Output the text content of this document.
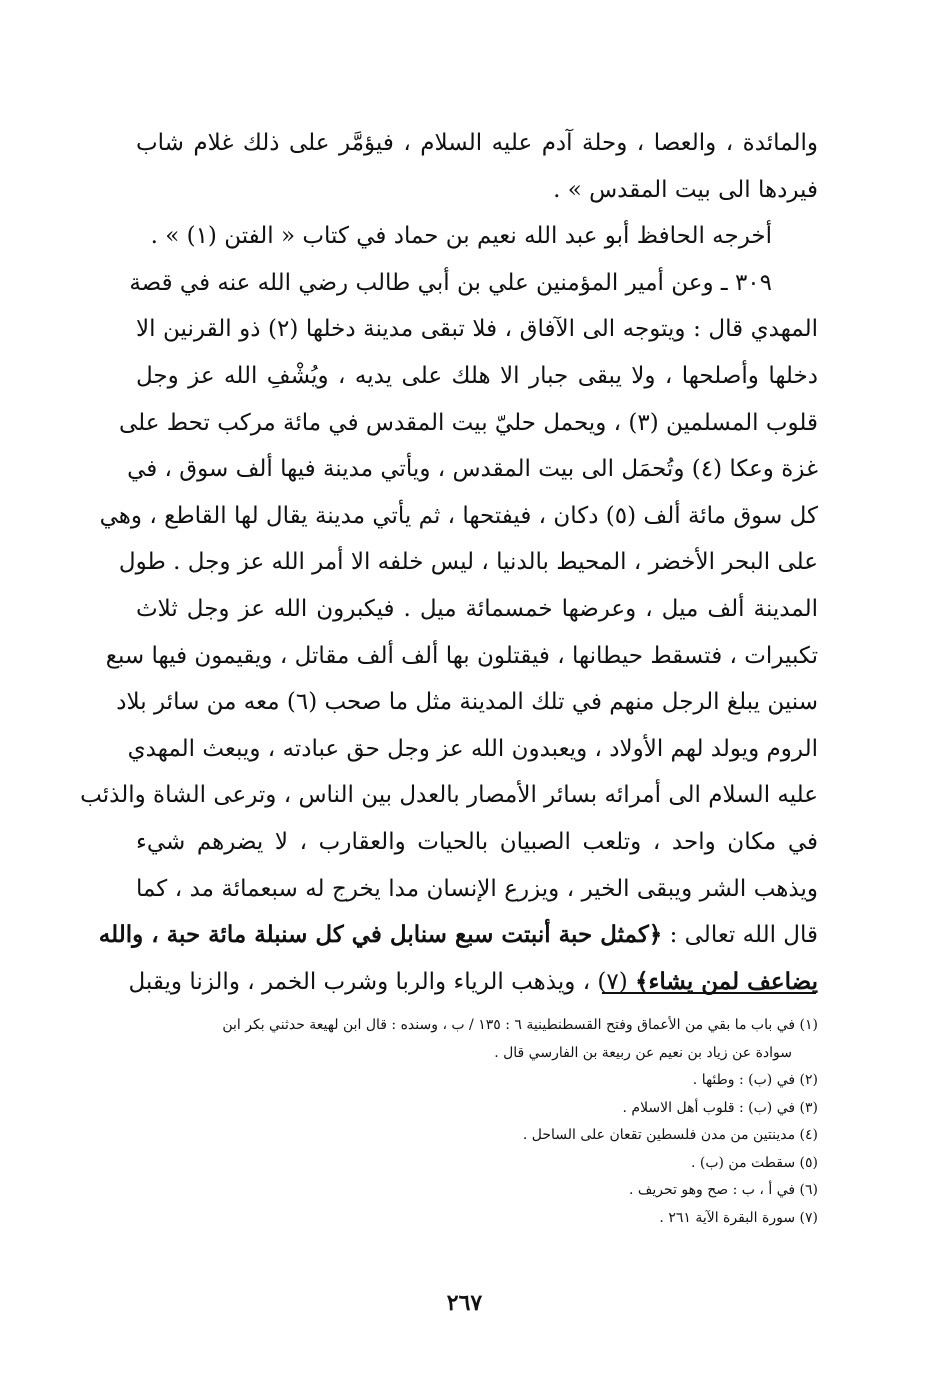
والمائدة ، والعصا ، وحلة آدم عليه السلام ، فيؤمَّر على ذلك غلام شاب
فيردها الى بيت المقدس » .
أخرجه الحافظ أبو عبد الله نعيم بن حماد في كتاب « الفتن (١) » .
٣٠٩ ـ وعن أمير المؤمنين علي بن أبي طالب رضي الله عنه في قصة
المهدي قال : ويتوجه الى الآفاق ، فلا تبقى مدينة دخلها (٢) ذو القرنين الا
دخلها وأصلحها ، ولا يبقى جبار الا هلك على يديه ، ويُشْفِ الله عز وجل
قلوب المسلمين (٣) ، ويحمل حليّ بيت المقدس في مائة مركب تحط على
غزة وعكا (٤) وتُحمَل الى بيت المقدس ، ويأتي مدينة فيها ألف سوق ، في
كل سوق مائة ألف (٥) دكان ، فيفتحها ، ثم يأتي مدينة يقال لها القاطع ، وهي
على البحر الأخضر ، المحيط بالدنيا ، ليس خلفه الا أمر الله عز وجل . طول
المدينة ألف ميل ، وعرضها خمسمائة ميل . فيكبرون الله عز وجل ثلاث
تكبيرات ، فتسقط حيطانها ، فيقتلون بها ألف ألف مقاتل ، ويقيمون فيها سبع
سنين يبلغ الرجل منهم في تلك المدينة مثل ما صحب (٦) معه من سائر بلاد
الروم ويولد لهم الأولاد ، ويعبدون الله عز وجل حق عبادته ، ويبعث المهدي
عليه السلام الى أمرائه بسائر الأمصار بالعدل بين الناس ، وترعى الشاة والذئب
في مكان واحد ، وتلعب الصبيان بالحيات والعقارب ، لا يضرهم شيء
ويذهب الشر ويبقى الخير ، ويزرع الإنسان مدا يخرج له سبعمائة مد ، كما
قال الله تعالى : ﴿كمثل حبة أنبتت سبع سنابل في كل سنبلة مائة حبة ، والله
يضاعف لمن يشاء﴾ (٧) ، ويذهب الرياء والربا وشرب الخمر ، والزنا ويقبل
(١) في باب ما بقي من الأعماق وفتح القسطنطينية ٦ : ١٣٥ / ب ، وسنده : قال ابن لهيعة حدثني بكر ابن
سوادة عن زياد بن نعيم عن ربيعة بن الفارسي قال .
(٢) في (ب) : وطئها .
(٣) في (ب) : قلوب أهل الاسلام .
(٤) مدينتين من مدن فلسطين تقعان على الساحل .
(٥) سقطت من (ب) .
(٦) في أ ، ب : صح وهو تحريف .
(٧) سورة البقرة الآية ٢٦١ .
٢٦٧
